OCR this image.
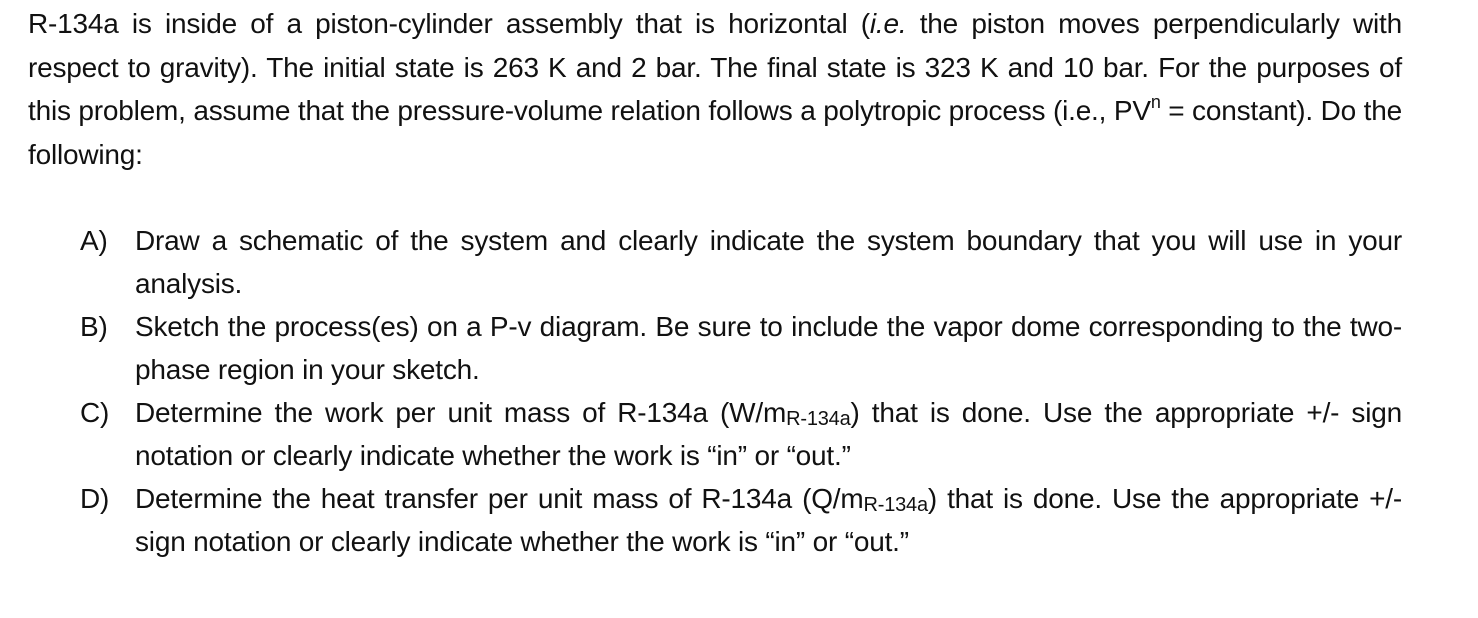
R-134a is inside of a piston-cylinder assembly that is horizontal (i.e. the piston moves perpendicularly with respect to gravity). The initial state is 263 K and 2 bar. The final state is 323 K and 10 bar. For the purposes of this problem, assume that the pressure-volume relation follows a polytropic process (i.e., $PV^n$ = constant). Do the following:

A) Draw a schematic of the system and clearly indicate the system boundary that you will use in your analysis.
B) Sketch the process(es) on a P-v diagram. Be sure to include the vapor dome corresponding to the two-phase region in your sketch.
C) Determine the work per unit mass of R-134a $(W/m_{R-134a})$ that is done. Use the appropriate +/- sign notation or clearly indicate whether the work is “in” or “out.”
D) Determine the heat transfer per unit mass of R-134a $(Q/m_{R-134a})$ that is done. Use the appropriate +/- sign notation or clearly indicate whether the work is “in” or “out.”
